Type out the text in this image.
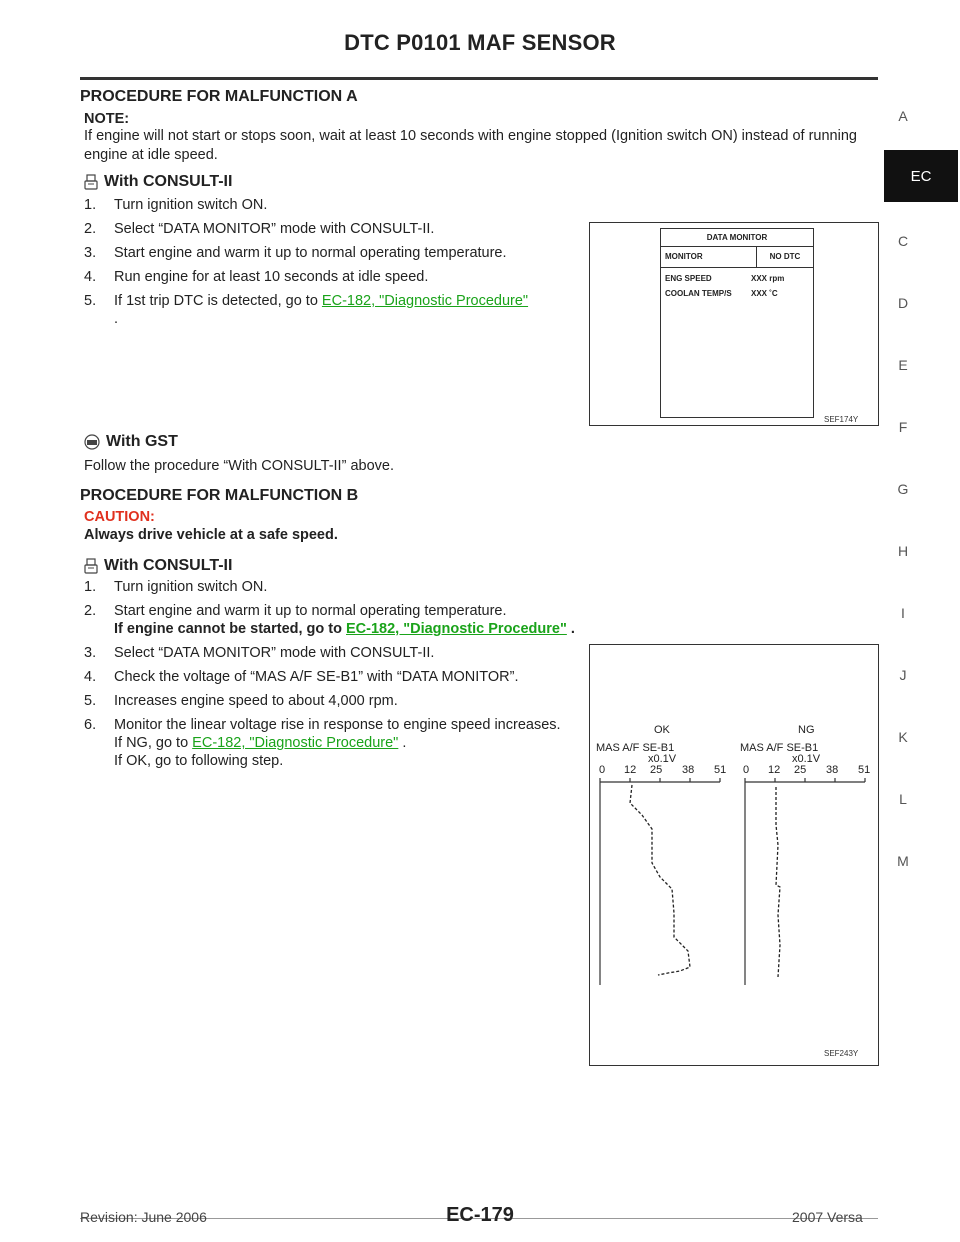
DTC P0101 MAF SENSOR
A
EC
C
D
E
F
G
H
I
J
K
L
M
PROCEDURE FOR MALFUNCTION A
NOTE:
If engine will not start or stops soon, wait at least 10 seconds with engine stopped (Ignition switch ON) instead of running engine at idle speed.
With CONSULT-II
1.	Turn ignition switch ON.
2.	Select “DATA MONITOR” mode with CONSULT-II.
3.	Start engine and warm it up to normal operating temperature.
4.	Run engine for at least 10 seconds at idle speed.
5.	If 1st trip DTC is detected, go to EC-182, "Diagnostic Procedure"
.
DATA MONITOR
MONITOR	NO DTC
ENG SPEED	XXX rpm
COOLAN TEMP/S	XXX ˚C
SEF174Y
With GST
Follow the procedure “With CONSULT-II” above.
PROCEDURE FOR MALFUNCTION B
CAUTION:
Always drive vehicle at a safe speed.
With CONSULT-II
1.	Turn ignition switch ON.
2.	Start engine and warm it up to normal operating temperature.
If engine cannot be started, go to EC-182, "Diagnostic Procedure" .
3.	Select “DATA MONITOR” mode with CONSULT-II.
4.	Check the voltage of “MAS A/F SE-B1” with “DATA MONITOR”.
5.	Increases engine speed to about 4,000 rpm.
6.	Monitor the linear voltage rise in response to engine speed increases.
If NG, go to EC-182, "Diagnostic Procedure" .
If OK, go to following step.
OK	NG
MAS A/F SE-B1	MAS A/F SE-B1
x0.1V	x0.1V
0 12 25 38 51 0 12 25 38 51
SEF243Y
Revision: June 2006	EC-179	2007 Versa
